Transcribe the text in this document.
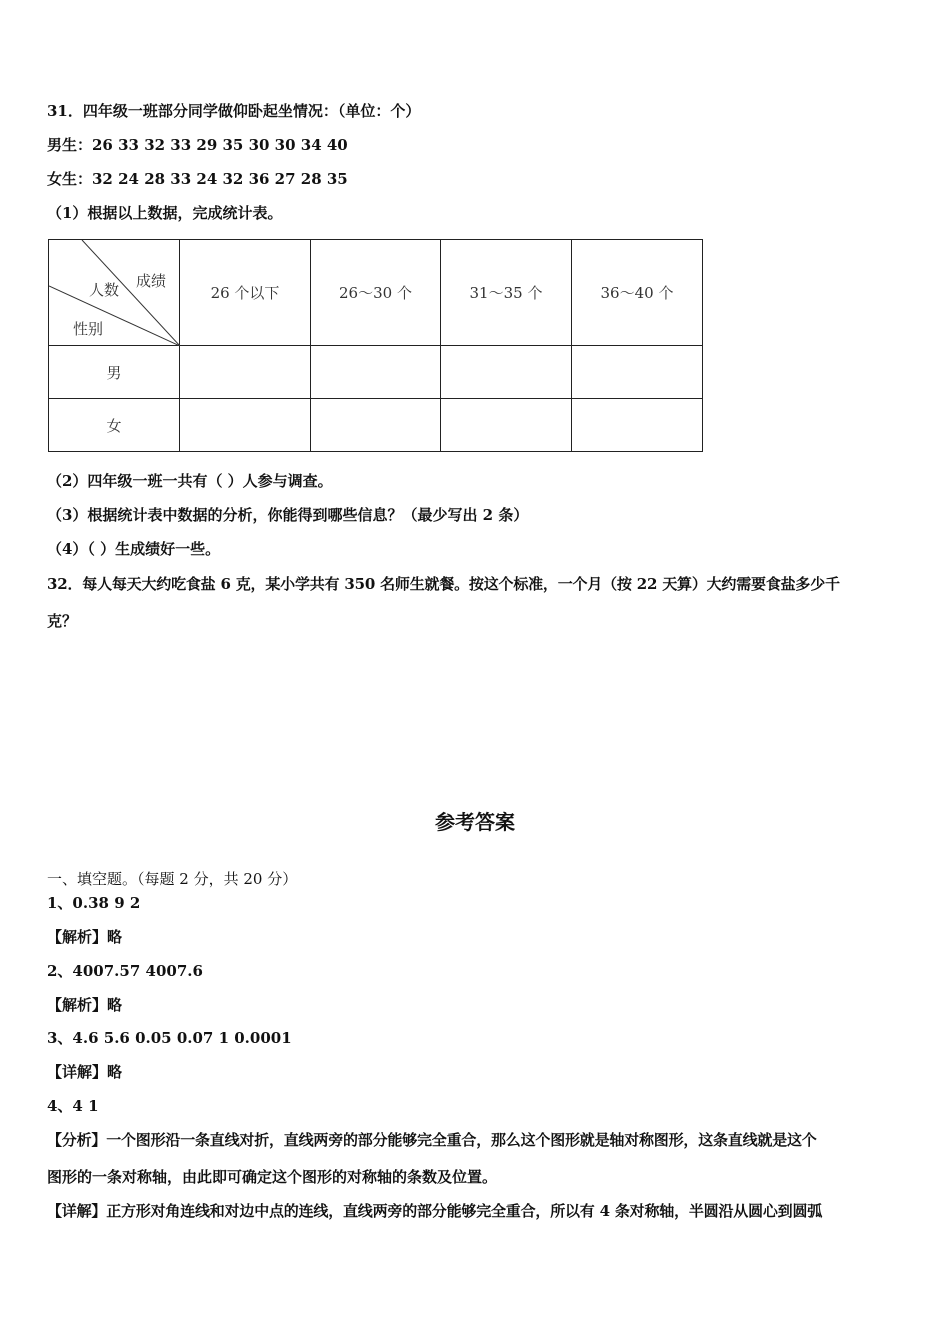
31．四年级一班部分同学做仰卧起坐情况：（单位：个）
男生：26 33 32 33 29 35 30 30 34 40
女生：32 24 28 33 24 32 36 27 28 35
（1）根据以上数据，完成统计表。
成绩
人数
性别	26 个以下	26～30 个	31～35 个	36～40 个
男				
女				
（2）四年级一班一共有（ ）人参与调查。
（3）根据统计表中数据的分析，你能得到哪些信息？（最少写出 2 条）
（4）（ ）生成绩好一些。
32．每人每天大约吃食盐 6 克，某小学共有 350 名师生就餐。按这个标准，一个月（按 22 天算）大约需要食盐多少千
克？
参考答案
一、填空题。（每题 2 分，共 20 分）
1、0.38 9 2
【解析】略
2、4007.57 4007.6
【解析】略
3、4.6 5.6 0.05 0.07 1 0.0001
【详解】略
4、4 1
【分析】一个图形沿一条直线对折，直线两旁的部分能够完全重合，那么这个图形就是轴对称图形，这条直线就是这个
图形的一条对称轴，由此即可确定这个图形的对称轴的条数及位置。
【详解】正方形对角连线和对边中点的连线，直线两旁的部分能够完全重合，所以有 4 条对称轴，半圆沿从圆心到圆弧
